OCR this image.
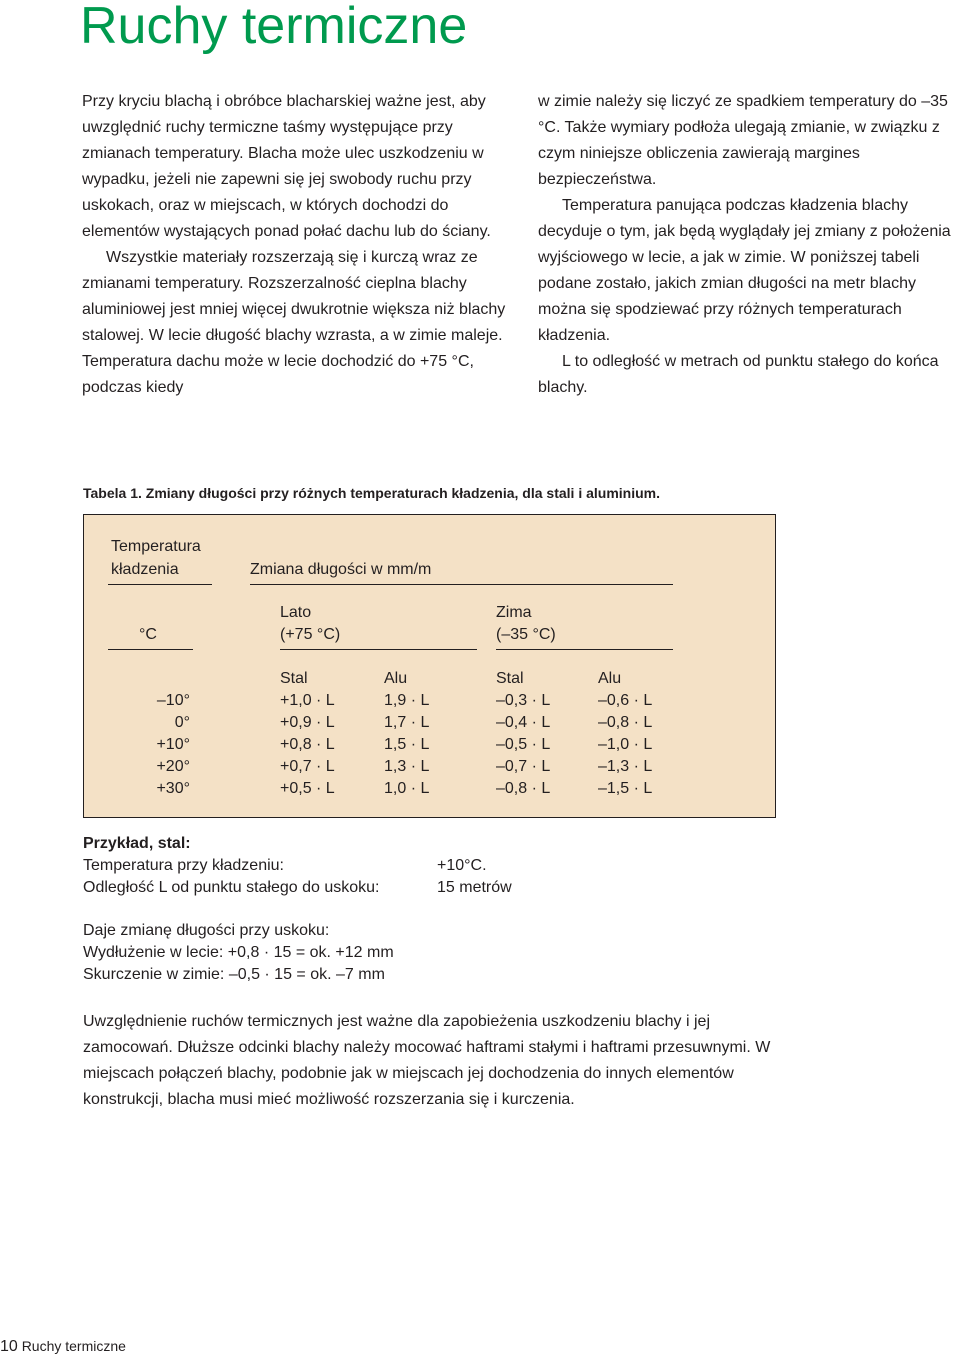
Ruchy termiczne

Przy kryciu blachą i obróbce blacharskiej ważne jest, aby uwzględnić ruchy termiczne taśmy występujące przy zmianach temperatury. Blacha może ulec uszkodzeniu w wypadku, jeżeli nie zapewni się jej swobody ruchu przy uskokach, oraz w miejscach, w których dochodzi do elementów wystających ponad połać dachu lub do ściany.

Wszystkie materiały rozszerzają się i kurczą wraz ze zmianami temperatury. Rozszerzalność cieplna blachy aluminiowej jest mniej więcej dwukrotnie większa niż blachy stalowej. W lecie długość blachy wzrasta, a w zimie maleje. Temperatura dachu może w lecie dochodzić do +75 °C, podczas kiedy

w zimie należy się liczyć ze spadkiem temperatury do –35 °C. Także wymiary podłoża ulegają zmianie, w związku z czym niniejsze obliczenia zawierają margines bezpieczeństwa.

Temperatura panująca podczas kładzenia blachy decyduje o tym, jak będą wyglądały jej zmiany z położenia wyjściowego w lecie, a jak w zimie. W poniższej tabeli podane zostało, jakich zmian długości na metr blachy można się spodziewać przy różnych temperaturach kładzenia.

L to odległość w metrach od punktu stałego do końca blachy.

Tabela 1. Zmiany długości przy różnych temperaturach kładzenia, dla stali i aluminium.
Temperatura
kładzenia	Zmiana długości w mm/m
Lato
(+75 °C)
Zima
(–35 °C)
°C
Stal	Alu	Stal	Alu
–10°	+1,0 · L	1,9 · L	–0,3 · L	–0,6 · L
0°	+0,9 · L	1,7 · L	–0,4 · L	–0,8 · L
+10°	+0,8 · L	1,5 · L	–0,5 · L	–1,0 · L
+20°	+0,7 · L	1,3 · L	–0,7 · L	–1,3 · L
+30°	+0,5 · L	1,0 · L	–0,8 · L	–1,5 · L
Przykład, stal:
Temperatura przy kładzeniu:	+10°C.
Odległość L od punktu stałego do uskoku:	15 metrów
Daje zmianę długości przy uskoku:
Wydłużenie w lecie: +0,8 · 15 = ok. +12 mm
Skurczenie w zimie: –0,5 · 15 = ok. –7 mm

Uwzględnienie ruchów termicznych jest ważne dla zapobieżenia uszkodzeniu blachy i jej zamocowań. Dłuższe odcinki blachy należy mocować haftrami stałymi i haftrami przesuwnymi. W miejscach połączeń blachy, podobnie jak w miejscach jej dochodzenia do innych elementów konstrukcji, blacha musi mieć możliwość rozszerzania się i kurczenia.

10 Ruchy termiczne
